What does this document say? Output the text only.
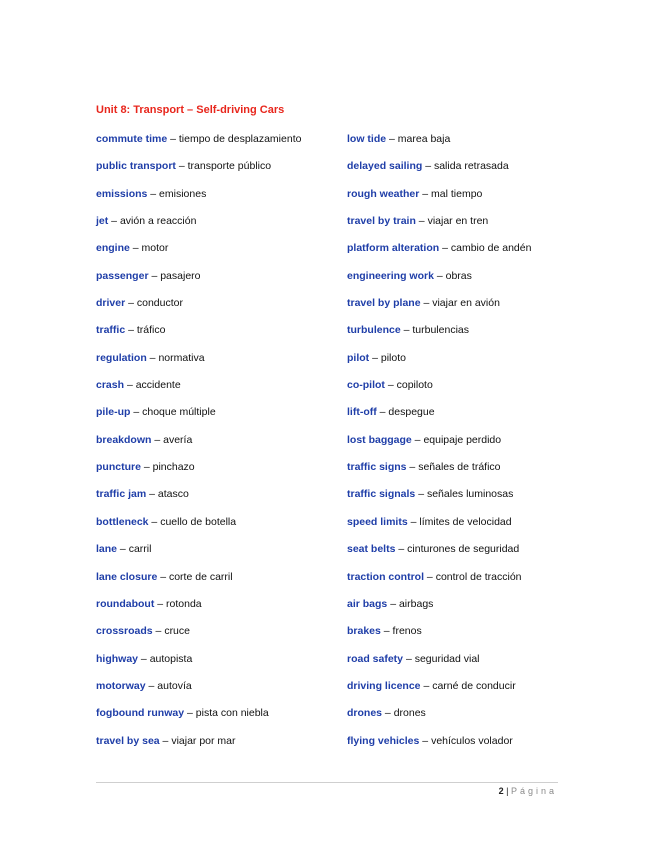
Unit 8: Transport – Self-driving Cars
commute time – tiempo de desplazamiento
public transport – transporte público
emissions – emisiones
jet – avión a reacción
engine – motor
passenger – pasajero
driver – conductor
traffic – tráfico
regulation – normativa
crash – accidente
pile-up – choque múltiple
breakdown – avería
puncture – pinchazo
traffic jam – atasco
bottleneck – cuello de botella
lane – carril
lane closure – corte de carril
roundabout – rotonda
crossroads – cruce
highway – autopista
motorway – autovía
fogbound runway – pista con niebla
travel by sea – viajar por mar
low tide – marea baja
delayed sailing – salida retrasada
rough weather – mal tiempo
travel by train – viajar en tren
platform alteration – cambio de andén
engineering work – obras
travel by plane – viajar en avión
turbulence – turbulencias
pilot – piloto
co-pilot – copiloto
lift-off – despegue
lost baggage – equipaje perdido
traffic signs – señales de tráfico
traffic signals – señales luminosas
speed limits – límites de velocidad
seat belts – cinturones de seguridad
traction control – control de tracción
air bags – airbags
brakes – frenos
road safety – seguridad vial
driving licence – carné de conducir
drones – drones
flying vehicles – vehículos volador
2 | Página
